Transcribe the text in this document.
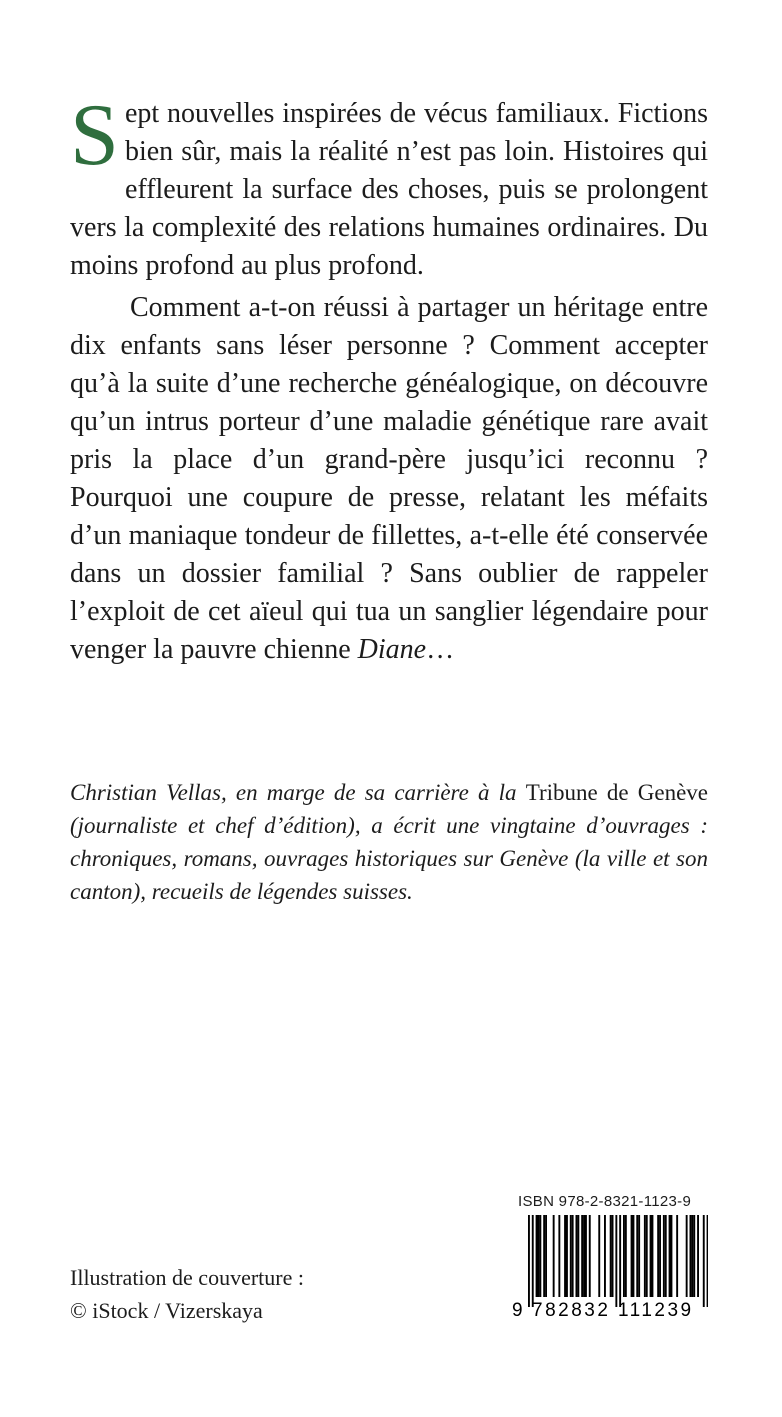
Sept nouvelles inspirées de vécus familiaux. Fictions bien sûr, mais la réalité n’est pas loin. Histoires qui effleurent la surface des choses, puis se prolongent vers la complexité des relations humaines ordinaires. Du moins profond au plus profond.

Comment a-t-on réussi à partager un héritage entre dix enfants sans léser personne ? Comment accepter qu’à la suite d’une recherche généalogique, on découvre qu’un intrus porteur d’une maladie génétique rare avait pris la place d’un grand-père jusqu’ici reconnu ? Pourquoi une coupure de presse, relatant les méfaits d’un maniaque tondeur de fillettes, a-t-elle été conservée dans un dossier familial ? Sans oublier de rappeler l’exploit de cet aïeul qui tua un sanglier légendaire pour venger la pauvre chienne Diane…

Christian Vellas, en marge de sa carrière à la Tribune de Genève (journaliste et chef d’édition), a écrit une vingtaine d’ouvrages : chroniques, romans, ouvrages historiques sur Genève (la ville et son canton), recueils de légendes suisses.
Illustration de couverture :
© iStock / Vizerskaya
ISBN 978-2-8321-1123-9
9 782832 111239
